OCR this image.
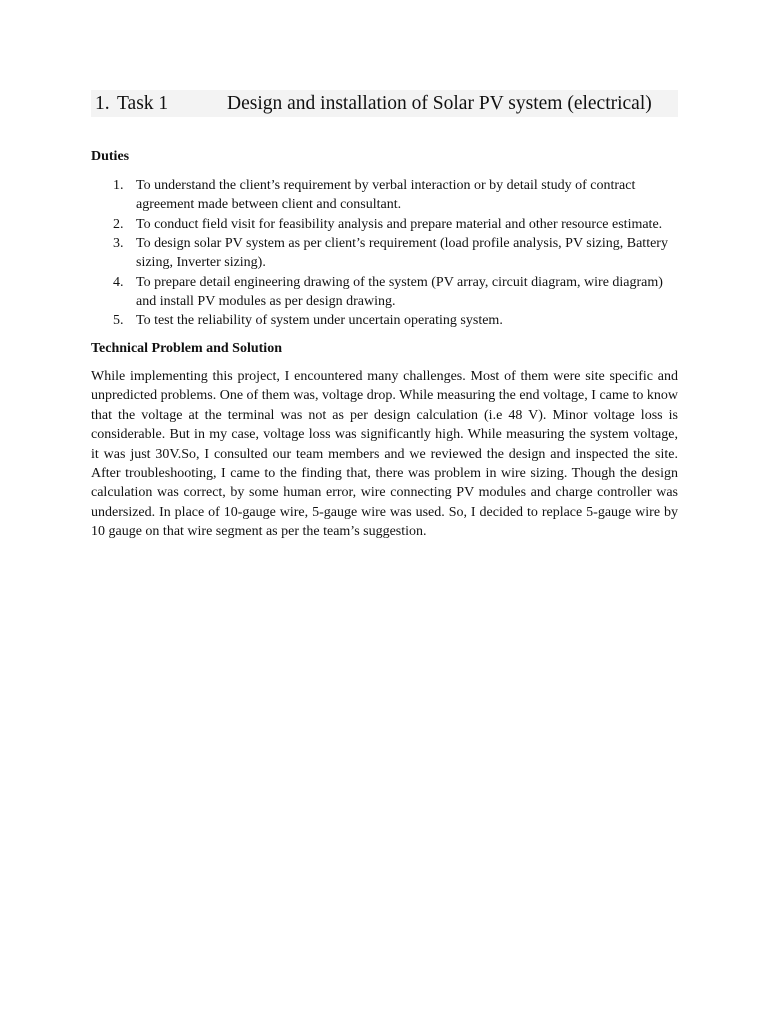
1. Task 1	Design and installation of Solar PV system (electrical)
Duties
1. To understand the client’s requirement by verbal interaction or by detail study of contract agreement made between client and consultant.
2. To conduct field visit for feasibility analysis and prepare material and other resource estimate.
3. To design solar PV system as per client’s requirement (load profile analysis, PV sizing, Battery sizing, Inverter sizing).
4. To prepare detail engineering drawing of the system (PV array, circuit diagram, wire diagram) and install PV modules as per design drawing.
5. To test the reliability of system under uncertain operating system.
Technical Problem and Solution
While implementing this project, I encountered many challenges. Most of them were site specific and unpredicted problems. One of them was, voltage drop. While measuring the end voltage, I came to know that the voltage at the terminal was not as per design calculation (i.e 48 V). Minor voltage loss is considerable. But in my case, voltage loss was significantly high. While measuring the system voltage, it was just 30V.So, I consulted our team members and we reviewed the design and inspected the site. After troubleshooting, I came to the finding that, there was problem in wire sizing. Though the design calculation was correct, by some human error, wire connecting PV modules and charge controller was undersized. In place of 10-gauge wire, 5-gauge wire was used. So, I decided to replace 5-gauge wire by 10 gauge on that wire segment as per the team’s suggestion.
